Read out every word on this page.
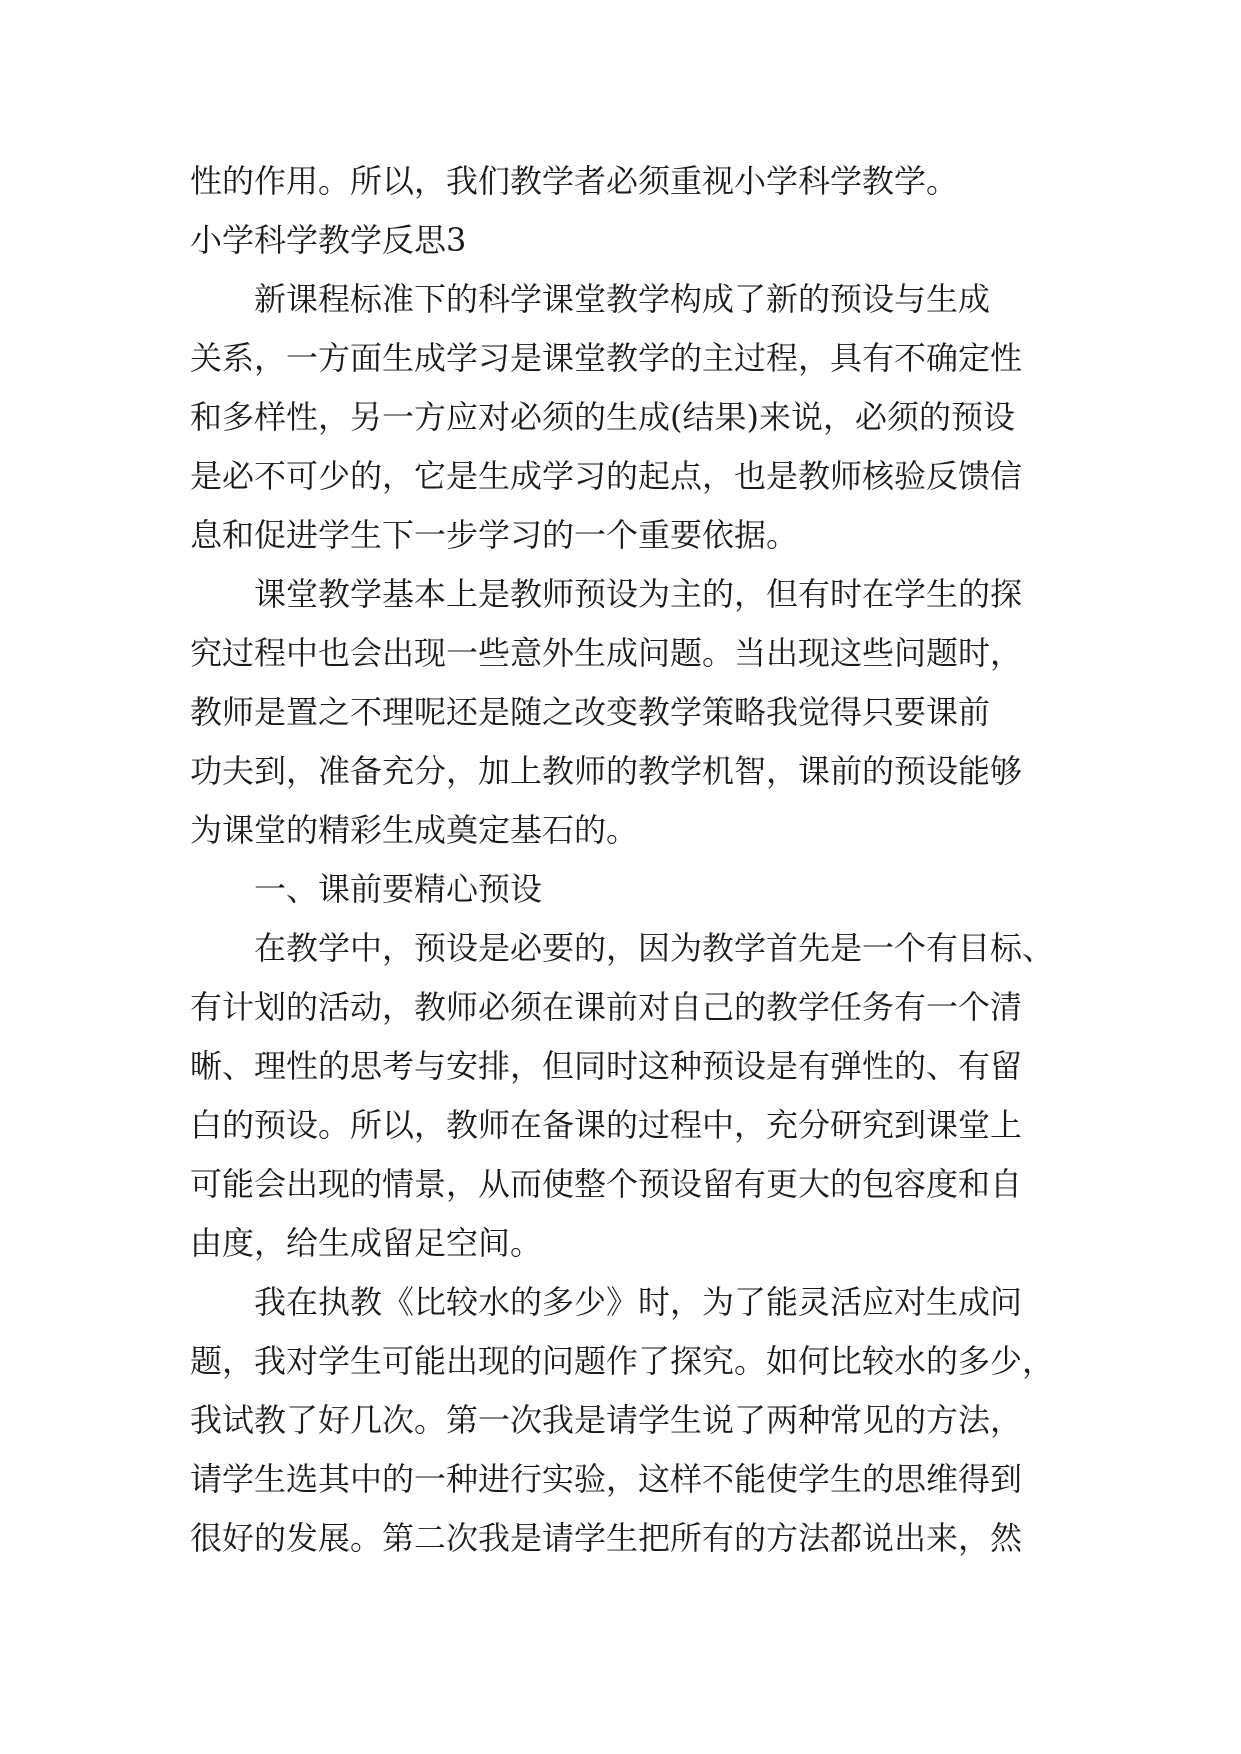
性的作用。所以，我们教学者必须重视小学科学教学。
小学科学教学反思3
新课程标准下的科学课堂教学构成了新的预设与生成
关系，一方面生成学习是课堂教学的主过程，具有不确定性
和多样性，另一方应对必须的生成(结果)来说，必须的预设
是必不可少的，它是生成学习的起点，也是教师核验反馈信
息和促进学生下一步学习的一个重要依据。
课堂教学基本上是教师预设为主的，但有时在学生的探
究过程中也会出现一些意外生成问题。当出现这些问题时，
教师是置之不理呢还是随之改变教学策略我觉得只要课前
功夫到，准备充分，加上教师的教学机智，课前的预设能够
为课堂的精彩生成奠定基石的。
一、课前要精心预设
在教学中，预设是必要的，因为教学首先是一个有目标、
有计划的活动，教师必须在课前对自己的教学任务有一个清
晰、理性的思考与安排，但同时这种预设是有弹性的、有留
白的预设。所以，教师在备课的过程中，充分研究到课堂上
可能会出现的情景，从而使整个预设留有更大的包容度和自
由度，给生成留足空间。
我在执教《比较水的多少》时，为了能灵活应对生成问
题，我对学生可能出现的问题作了探究。如何比较水的多少，
我试教了好几次。第一次我是请学生说了两种常见的方法，
请学生选其中的一种进行实验，这样不能使学生的思维得到
很好的发展。第二次我是请学生把所有的方法都说出来，然
